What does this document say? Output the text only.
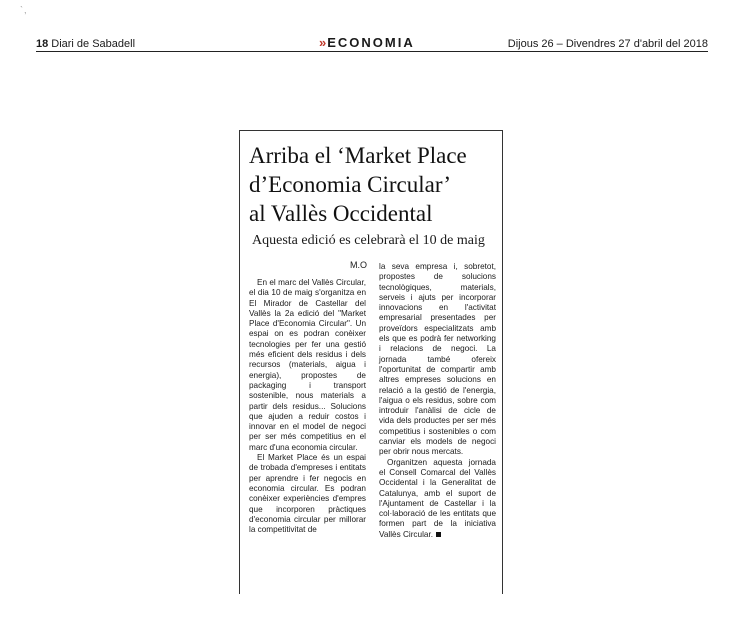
`,
18 Diari de Sabadell	»ECONOMIA	Dijous 26 – Divendres 27 d'abril del 2018
Arriba el ‘Market Place
d’Economia Circular’
al Vallès Occidental
Aquesta edició es celebrarà el 10 de maig
M.O

En el marc del Vallès Circular, el dia 10 de maig s'organitza en El Mirador de Castellar del Vallès la 2a edició del "Market Place d'Economia Circular". Un espai on es podran conèixer tecnologies per fer una gestió més eficient dels residus i dels recursos (materials, aigua i energia), propostes de packaging i transport sostenible, nous materials a partir dels residus... Solucions que ajuden a reduir costos i innovar en el model de negoci per ser més competitius en el marc d'una economia circular.

El Market Place és un espai de trobada d'empreses i entitats per aprendre i fer negocis en economia circular. Es podran conèixer experiències d'empres que incorporen pràctiques d'economia circular per millorar la competitivitat de

la seva empresa i, sobretot, propostes de solucions tecnològiques, materials, serveis i ajuts per incorporar innovacions en l'activitat empresarial presentades per proveïdors especialitzats amb els que es podrà fer networking i relacions de negoci. La jornada també ofereix l'oportunitat de compartir amb altres empreses solucions en relació a la gestió de l'energia, l'aigua o els residus, sobre com introduir l'anàlisi de cicle de vida dels productes per ser més competitius i sostenibles o com canviar els models de negoci per obrir nous mercats.

Organitzen aquesta jornada el Consell Comarcal del Vallès Occidental i la Generalitat de Catalunya, amb el suport de l'Ajuntament de Castellar i la col·laboració de les entitats que formen part de la iniciativa Vallès Circular.
